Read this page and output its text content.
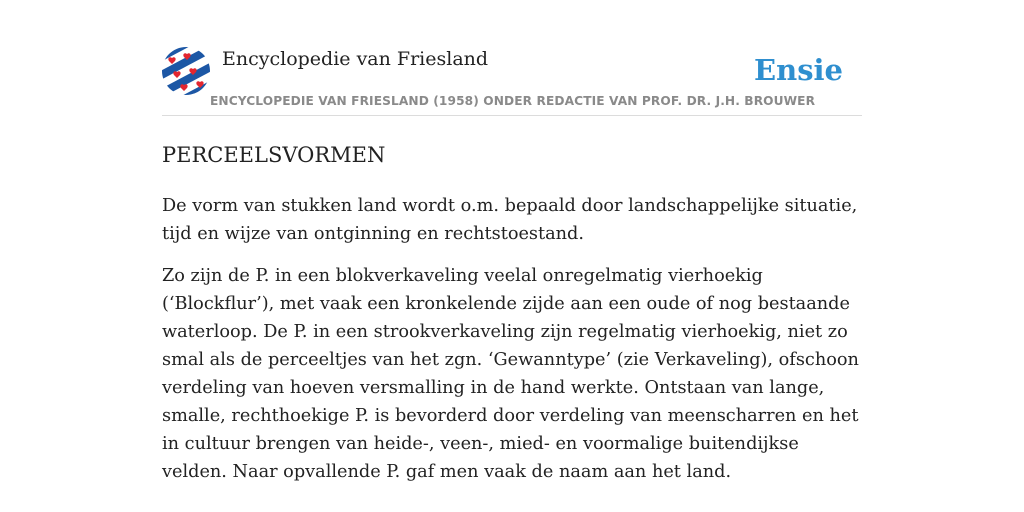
Encyclopedie van Friesland
ENCYCLOPEDIE VAN FRIESLAND (1958) ONDER REDACTIE VAN PROF. DR. J.H. BROUWER
Ensie
PERCEELSVORMEN

De vorm van stukken land wordt o.m. bepaald door landschappelijke situatie, tijd en wijze van ontginning en rechtstoestand.

Zo zijn de P. in een blokverkaveling veelal onregelmatig vierhoekig (‘Blockflur’), met vaak een kronkelende zijde aan een oude of nog bestaande waterloop. De P. in een strookverkaveling zijn regelmatig vierhoekig, niet zo smal als de perceeltjes van het zgn. ‘Gewanntype’ (zie Verkaveling), ofschoon verdeling van hoeven versmalling in de hand werkte. Ontstaan van lange, smalle, rechthoekige P. is bevorderd door verdeling van meenscharren en het in cultuur brengen van heide-, veen-, mied- en voormalige buitendijkse velden. Naar opvallende P. gaf men vaak de naam aan het land.
